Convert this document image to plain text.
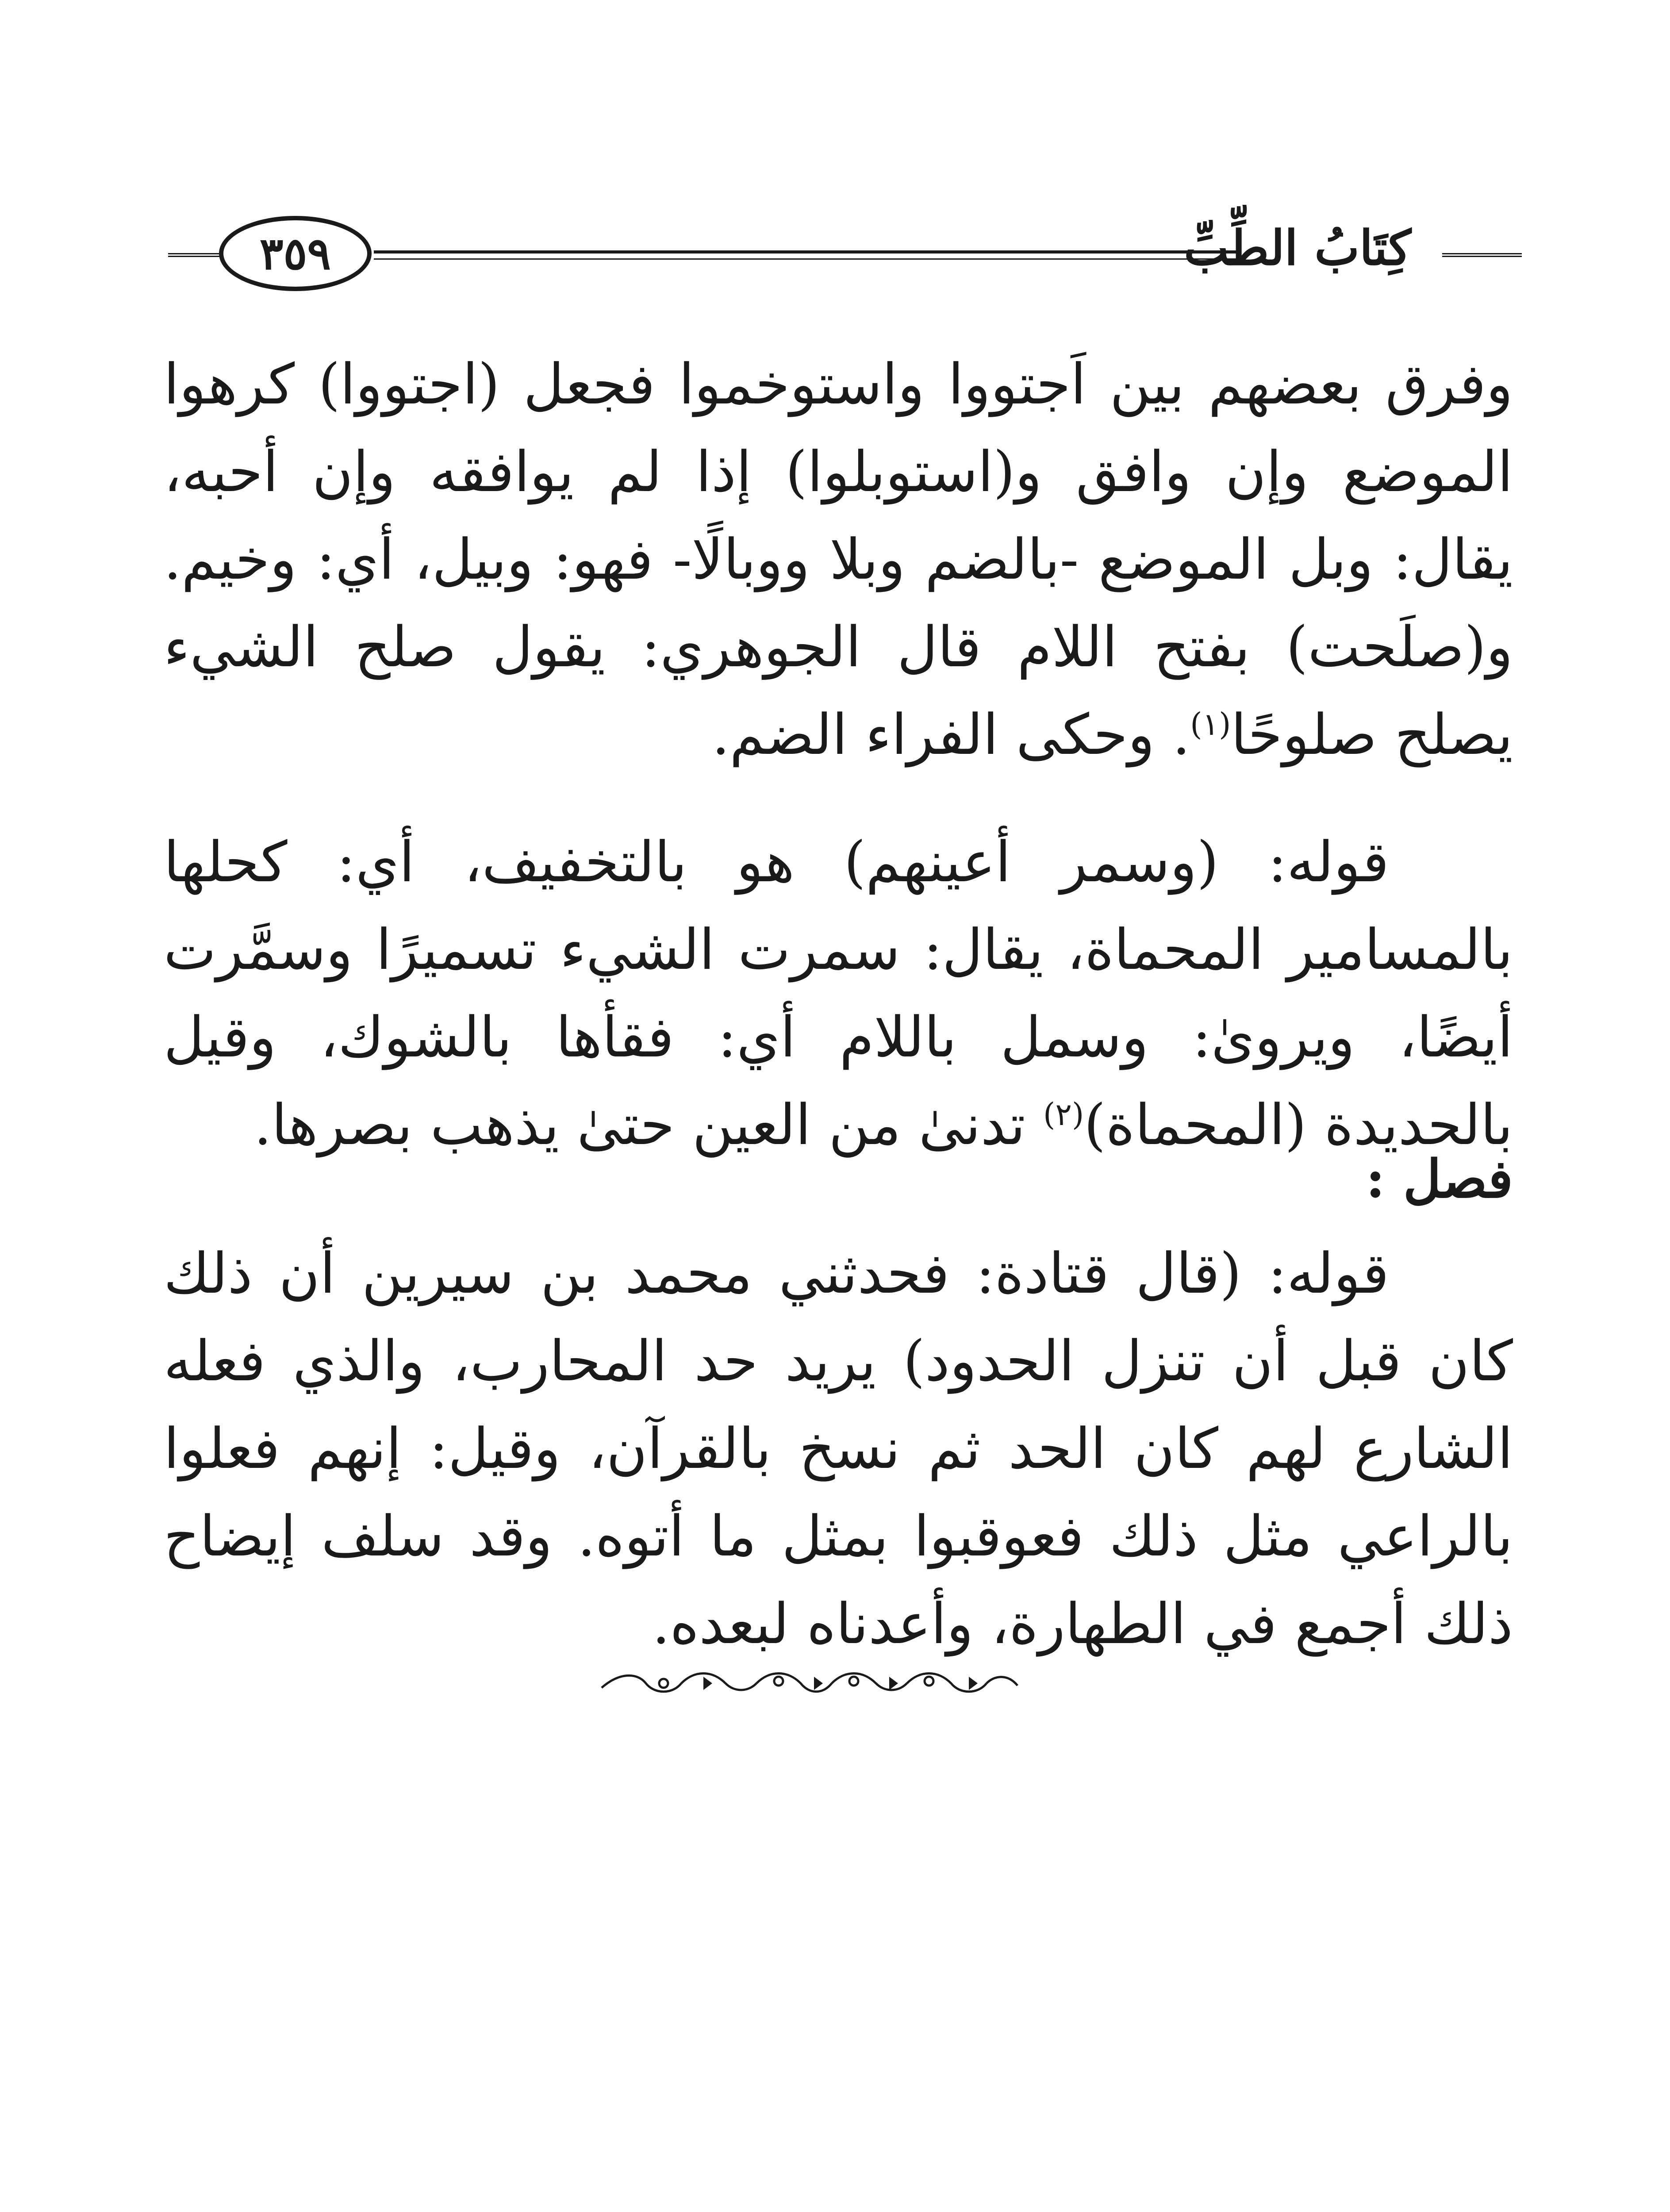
كِتَابُ الطِّبِّ
٣٥٩

وفرق بعضهم بين اَجتووا واستوخموا فجعل (اجتووا) كرهوا الموضع وإن وافق و(استوبلوا) إذا لم يوافقه وإن أحبه، يقال: وبل الموضع -بالضم وبلا ووبالًا- فهو: وبيل، أي: وخيم. و(صلَحت) بفتح اللام قال الجوهري: يقول صلح الشيء يصلح صلوحًا$^{(١)}$. وحكى الفراء الضم.

قوله: (وسمر أعينهم) هو بالتخفيف، أي: كحلها بالمسامير المحماة، يقال: سمرت الشيء تسميرًا وسمَّرت أيضًا، ويروىٰ: وسمل باللام أي: فقأها بالشوك، وقيل بالحديدة (المحماة)$^{(٢)}$ تدنىٰ من العين حتىٰ يذهب بصرها.

فصل :

قوله: (قال قتادة: فحدثني محمد بن سيرين أن ذلك كان قبل أن تنزل الحدود) يريد حد المحارب، والذي فعله الشارع لهم كان الحد ثم نسخ بالقرآن، وقيل: إنهم فعلوا بالراعي مثل ذلك فعوقبوا بمثل ما أتوه. وقد سلف إيضاح ذلك أجمع في الطهارة، وأعدناه لبعده.
